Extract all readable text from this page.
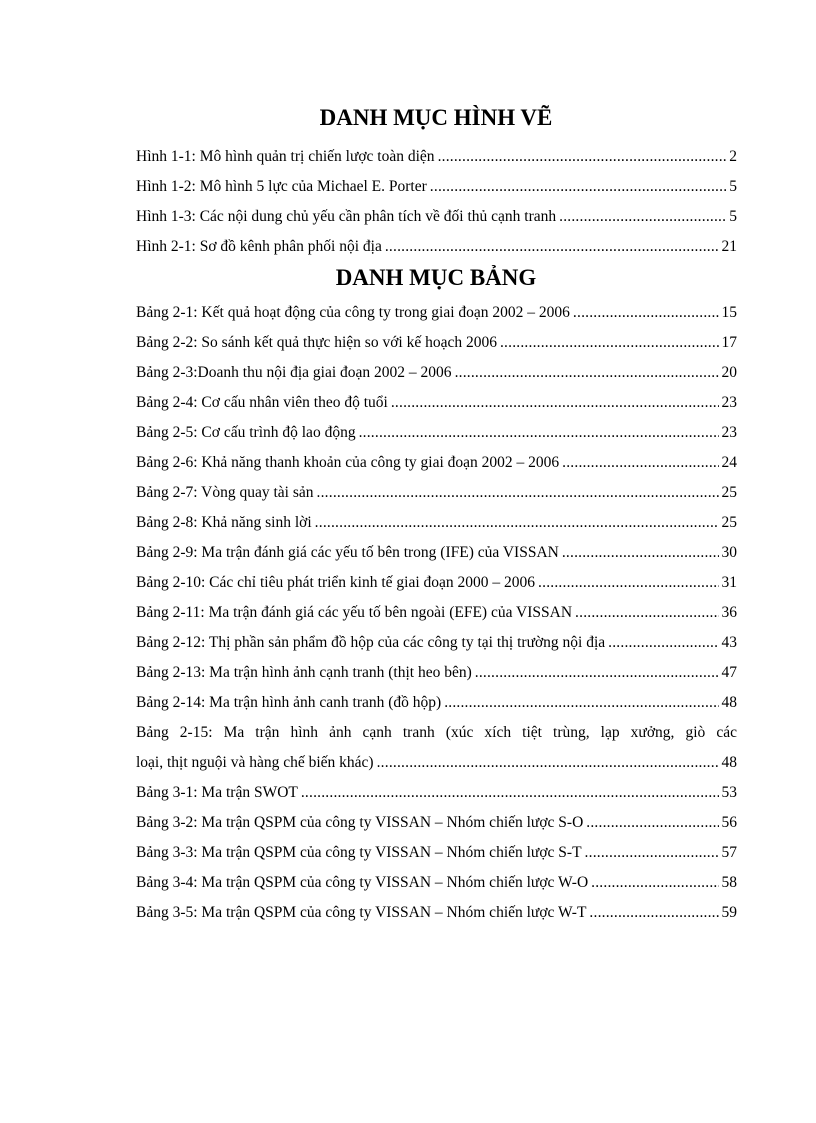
DANH MỤC HÌNH VẼ
Hình 1-1: Mô hình quản trị chiến lược toàn diện .....	2
Hình 1-2: Mô hình 5 lực của Michael E. Porter .....	5
Hình 1-3: Các nội dung chủ yếu cần phân tích về đối thủ cạnh tranh .....	5
Hình 2-1: Sơ đồ kênh phân phối nội địa .....	21
DANH MỤC BẢNG
Bảng 2-1: Kết quả hoạt động của công ty trong giai đoạn 2002 – 2006 .....	15
Bảng 2-2: So sánh kết quả thực hiện so với kế hoạch 2006 .....	17
Bảng 2-3:Doanh thu nội địa giai đoạn 2002 – 2006 .....	20
Bảng 2-4: Cơ cấu nhân viên theo độ tuổi .....	23
Bảng 2-5: Cơ cấu trình độ lao động .....	23
Bảng 2-6: Khả năng thanh khoản của công ty giai đoạn 2002 – 2006 .....	24
Bảng 2-7: Vòng quay tài sản .....	25
Bảng 2-8: Khả năng sinh lời .....	25
Bảng 2-9: Ma trận đánh giá các yếu tố bên trong (IFE) của VISSAN .....	30
Bảng 2-10: Các chỉ tiêu phát triển kinh tế giai đoạn 2000 – 2006 .....	31
Bảng 2-11: Ma trận đánh giá các yếu tố bên ngoài (EFE) của VISSAN .....	36
Bảng 2-12: Thị phần sản phẩm đồ hộp của các công ty tại thị trường nội địa .....	43
Bảng 2-13: Ma trận hình ảnh cạnh tranh (thịt heo bên) .....	47
Bảng 2-14: Ma trận hình ảnh canh tranh (đồ hộp) .....	48
Bảng 2-15: Ma trận hình ảnh cạnh tranh (xúc xích tiệt trùng, lạp xưởng, giò các
loại, thịt nguội và hàng chế biến khác) .....	48
Bảng 3-1: Ma trận SWOT .....	53
Bảng 3-2: Ma trận QSPM của công ty VISSAN – Nhóm chiến lược S-O .....	56
Bảng 3-3: Ma trận QSPM của công ty VISSAN – Nhóm chiến lược S-T .....	57
Bảng 3-4: Ma trận QSPM của công ty VISSAN – Nhóm chiến lược W-O .....	58
Bảng 3-5: Ma trận QSPM của công ty VISSAN – Nhóm chiến lược W-T .....	59
